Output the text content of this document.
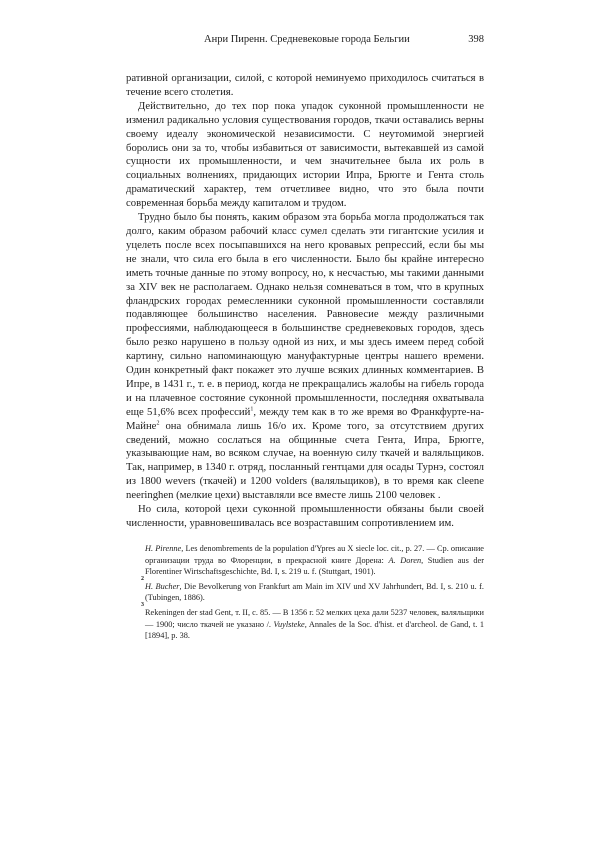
Анри Пиренн. Средневековые города Бельгии	398

ративной организации, силой, с которой неминуемо приходилось считаться в течение всего столетия.

Действительно, до тех пор пока упадок суконной промышленности не изменил радикально условия существования городов, ткачи оставались верны своему идеалу экономической независимости. С неутомимой энергией боролись они за то, чтобы избавиться от зависимости, вытекавшей из самой сущности их промышленности, и чем значительнее была их роль в социальных волнениях, придающих истории Ипра, Брюгге и Гента столь драматический характер, тем отчетливее видно, что это была почти современная борьба между капиталом и трудом.

Трудно было бы понять, каким образом эта борьба могла продолжаться так долго, каким образом рабочий класс сумел сделать эти гигантские усилия и уцелеть после всех посыпавшихся на него кровавых репрессий, если бы мы не знали, что сила его была в его численности. Было бы крайне интересно иметь точные данные по этому вопросу, но, к несчастью, мы такими данными за XIV век не располагаем. Однако нельзя сомневаться в том, что в крупных фландрских городах ремесленники суконной промышленности составляли подавляющее большинство населения. Равновесие между различными профессиями, наблюдающееся в большинстве средневековых городов, здесь было резко нарушено в пользу одной из них, и мы здесь имеем перед собой картину, сильно напоминающую мануфактурные центры нашего времени. Один конкретный факт покажет это лучше всяких длинных комментариев. В Ипре, в 1431 г., т. е. в период, когда не прекращались жалобы на гибель города и на плачевное состояние суконной промышленности, последняя охватывала еще 51,6% всех профессий$^1$, между тем как в то же время во Франкфурте-на-Майне$^2$ она обнимала лишь 16/о их. Кроме того, за отсутствием других сведений, можно сослаться на общинные счета Гента, Ипра, Брюгге, указывающие нам, во всяком случае, на военную силу ткачей и валяльщиков. Так, например, в 1340 г. отряд, посланный гентцами для осады Турнэ, состоял из 1800 wevers (ткачей) и 1200 volders (валяльщиков), в то время как cleene neeringhen (мелкие цехи) выставляли все вместе лишь 2100 человек .

Но сила, которой цехи суконной промышленности обязаны были своей численности, уравновешивалась все возраставшим сопротивлением им.

H. Pirenne, Les denombrements de la population d'Ypres au X siecle loc. cit., p. 27. — Ср. описание организации труда во Флоренции, в прекрасной книге Дорена: A. Doren, Studien aus der Florentiner Wirtschaftsgeschichte, Bd. I, s. 219 u. f. (Stuttgart, 1901).
2
H. Bucher, Die Bevolkerung von Frankfurt am Main im XIV und XV Jahrhundert, Bd. I, s. 210 u. f. (Tubingen, 1886).
3
Rekeningen der stad Gent, т. II, с. 85. — В 1356 г. 52 мелких цеха дали 5237 человек, валяльщики — 1900; число ткачей не указано /. Vuylsteke, Annales de la Soc. d'hist. et d'archeol. de Gand, t. 1 [1894], p. 38.
